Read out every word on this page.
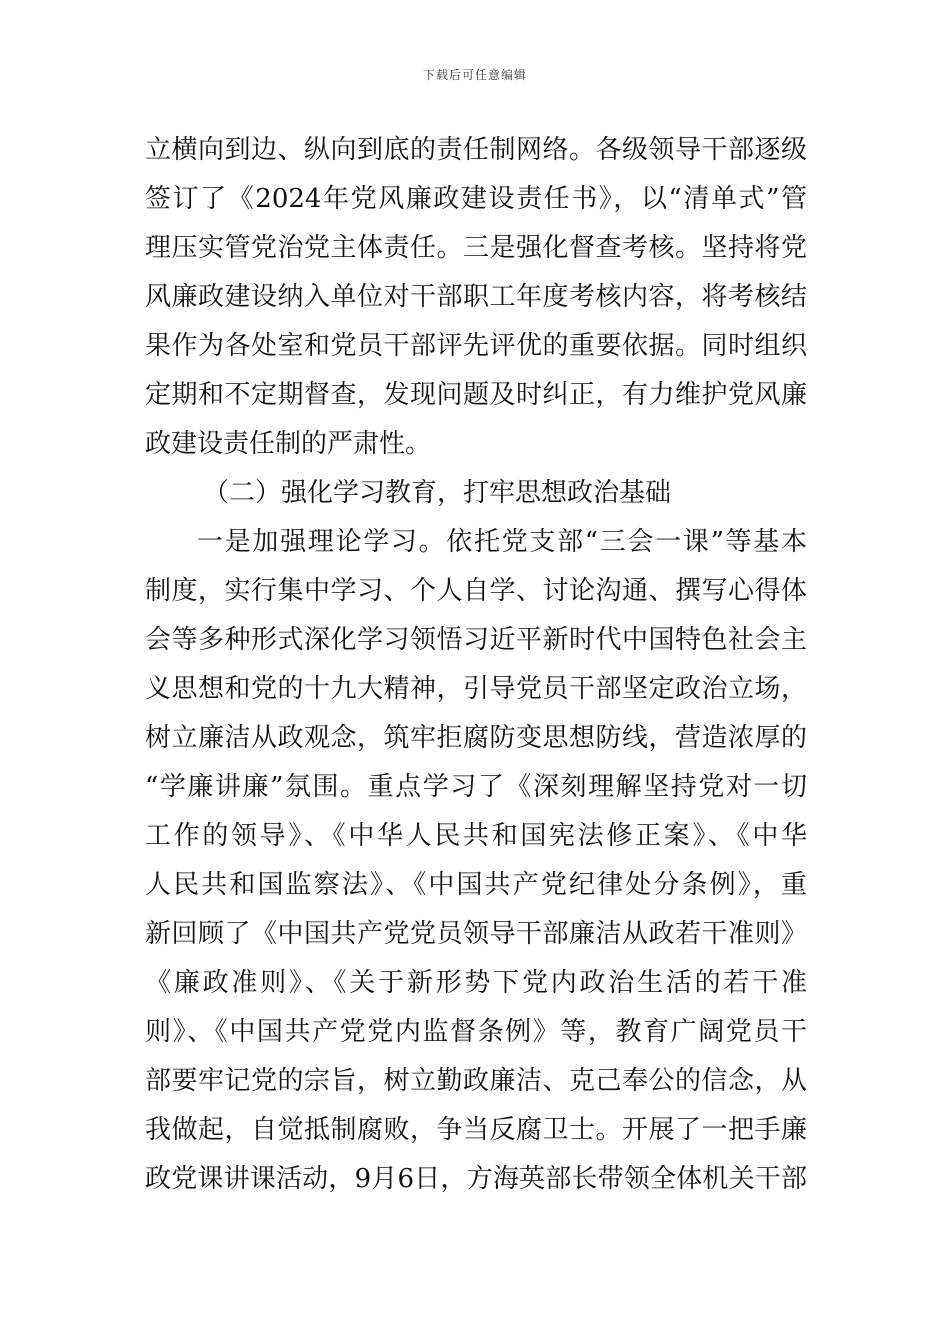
下载后可任意编辑
立横向到边、纵向到底的责任制网络。各级领导干部逐级
签订了《2024年党风廉政建设责任书》，以“清单式”管
理压实管党治党主体责任。三是强化督查考核。坚持将党
风廉政建设纳入单位对干部职工年度考核内容，将考核结
果作为各处室和党员干部评先评优的重要依据。同时组织
定期和不定期督查，发现问题及时纠正，有力维护党风廉
政建设责任制的严肃性。
（二）强化学习教育，打牢思想政治基础
一是加强理论学习。依托党支部“三会一课”等基本
制度，实行集中学习、个人自学、讨论沟通、撰写心得体
会等多种形式深化学习领悟习近平新时代中国特色社会主
义思想和党的十九大精神，引导党员干部坚定政治立场，
树立廉洁从政观念，筑牢拒腐防变思想防线，营造浓厚的
“学廉讲廉”氛围。重点学习了《深刻理解坚持党对一切
工作的领导》、《中华人民共和国宪法修正案》、《中华
人民共和国监察法》、《中国共产党纪律处分条例》，重
新回顾了《中国共产党党员领导干部廉洁从政若干准则》
《廉政准则》、《关于新形势下党内政治生活的若干准
则》、《中国共产党党内监督条例》等，教育广阔党员干
部要牢记党的宗旨，树立勤政廉洁、克己奉公的信念，从
我做起，自觉抵制腐败，争当反腐卫士。开展了一把手廉
政党课讲课活动，9月6日，方海英部长带领全体机关干部
